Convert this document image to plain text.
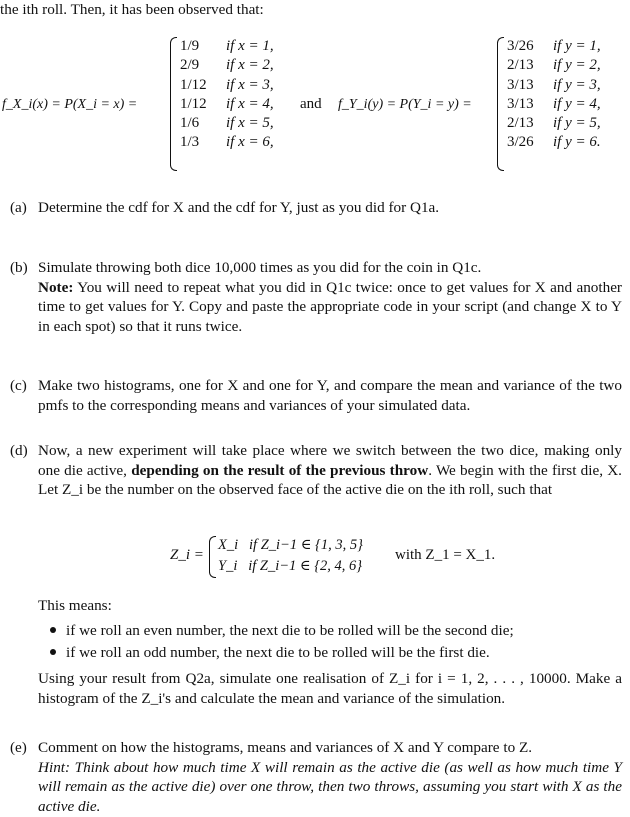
the ith roll. Then, it has been observed that:
f_X_i(x) = P(X_i = x) =
1/9 if x = 1,
2/9 if x = 2,
1/12 if x = 3,
1/12 if x = 4,
1/6 if x = 5,
1/3 if x = 6,
and f_Y_i(y) = P(Y_i = y) =
3/26 if y = 1,
2/13 if y = 2,
3/13 if y = 3,
3/13 if y = 4,
2/13 if y = 5,
3/26 if y = 6.
(a) Determine the cdf for X and the cdf for Y, just as you did for Q1a.
(b) Simulate throwing both dice 10,000 times as you did for the coin in Q1c.
Note: You will need to repeat what you did in Q1c twice: once to get values for X and another time to get values for Y. Copy and paste the appropriate code in your script (and change X to Y in each spot) so that it runs twice.
(c) Make two histograms, one for X and one for Y, and compare the mean and variance of the two pmfs to the corresponding means and variances of your simulated data.
(d) Now, a new experiment will take place where we switch between the two dice, making only one die active, depending on the result of the previous throw. We begin with the first die, X. Let Z_i be the number on the observed face of the active die on the ith roll, such that
Z_i =
X_i   if Z_i−1 ∈ {1, 3, 5}
Y_i   if Z_i−1 ∈ {2, 4, 6}
with Z_1 = X_1.
This means:
if we roll an even number, the next die to be rolled will be the second die;
if we roll an odd number, the next die to be rolled will be the first die.
Using your result from Q2a, simulate one realisation of Z_i for i = 1, 2, . . . , 10000. Make a histogram of the Z_i's and calculate the mean and variance of the simulation.
(e) Comment on how the histograms, means and variances of X and Y compare to Z.
Hint: Think about how much time X will remain as the active die (as well as how much time Y will remain as the active die) over one throw, then two throws, assuming you start with X as the active die.
